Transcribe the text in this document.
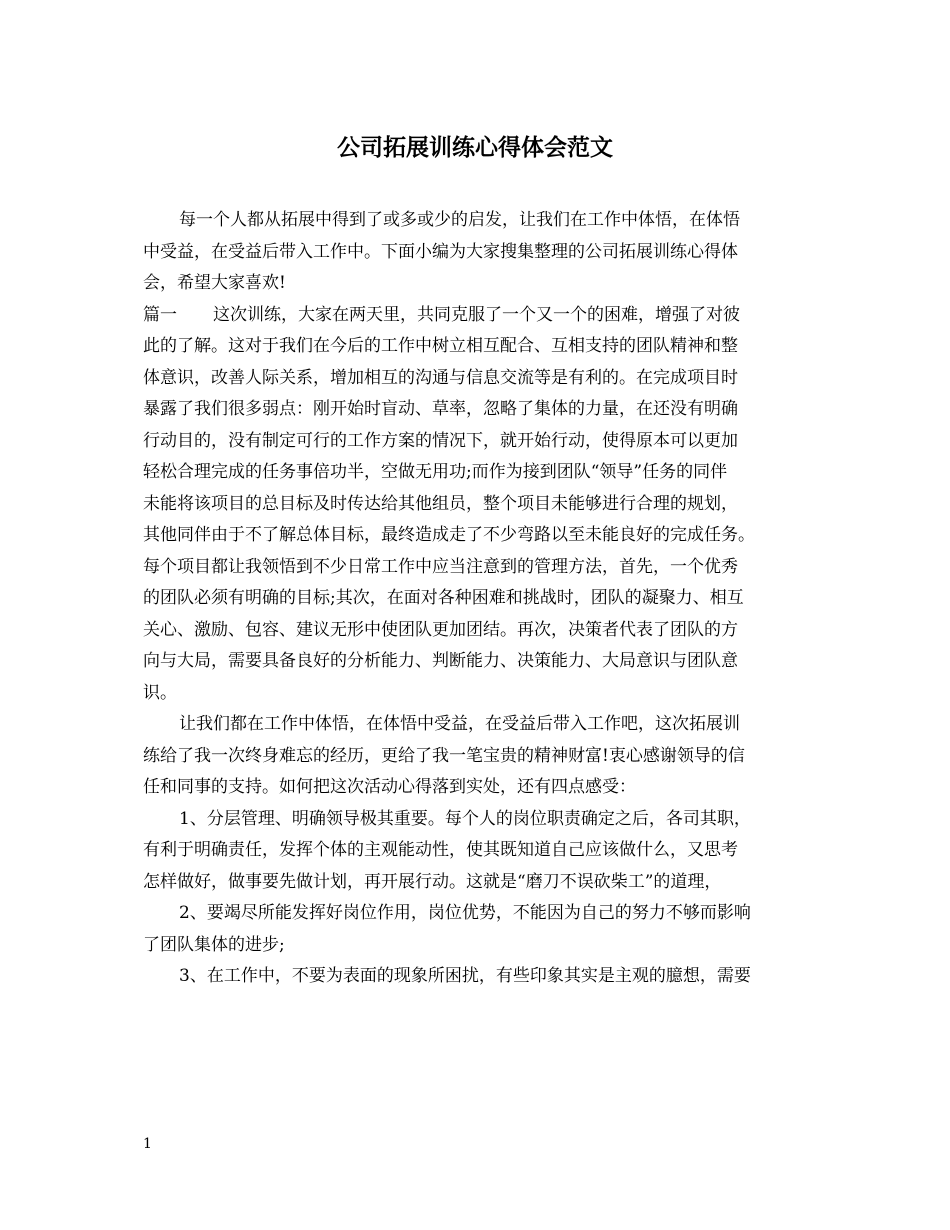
公司拓展训练心得体会范文

每一个人都从拓展中得到了或多或少的启发，让我们在工作中体悟，在体悟

中受益，在受益后带入工作中。下面小编为大家搜集整理的公司拓展训练心得体

会，希望大家喜欢!

篇一 这次训练，大家在两天里，共同克服了一个又一个的困难，增强了对彼

此的了解。这对于我们在今后的工作中树立相互配合、互相支持的团队精神和整

体意识，改善人际关系，增加相互的沟通与信息交流等是有利的。在完成项目时

暴露了我们很多弱点：刚开始时盲动、草率，忽略了集体的力量，在还没有明确

行动目的，没有制定可行的工作方案的情况下，就开始行动，使得原本可以更加

轻松合理完成的任务事倍功半，空做无用功;而作为接到团队“领导”任务的同伴

未能将该项目的总目标及时传达给其他组员，整个项目未能够进行合理的规划，

其他同伴由于不了解总体目标，最终造成走了不少弯路以至未能良好的完成任务。

每个项目都让我领悟到不少日常工作中应当注意到的管理方法，首先，一个优秀

的团队必须有明确的目标;其次，在面对各种困难和挑战时，团队的凝聚力、相互

关心、激励、包容、建议无形中使团队更加团结。再次，决策者代表了团队的方

向与大局，需要具备良好的分析能力、判断能力、决策能力、大局意识与团队意

识。

让我们都在工作中体悟，在体悟中受益，在受益后带入工作吧，这次拓展训

练给了我一次终身难忘的经历，更给了我一笔宝贵的精神财富!衷心感谢领导的信

任和同事的支持。如何把这次活动心得落到实处，还有四点感受：

1、分层管理、明确领导极其重要。每个人的岗位职责确定之后，各司其职，

有利于明确责任，发挥个体的主观能动性，使其既知道自己应该做什么，又思考

怎样做好，做事要先做计划，再开展行动。这就是“磨刀不误砍柴工”的道理，

2、要竭尽所能发挥好岗位作用，岗位优势，不能因为自己的努力不够而影响

了团队集体的进步;

3、在工作中，不要为表面的现象所困扰，有些印象其实是主观的臆想，需要

1
